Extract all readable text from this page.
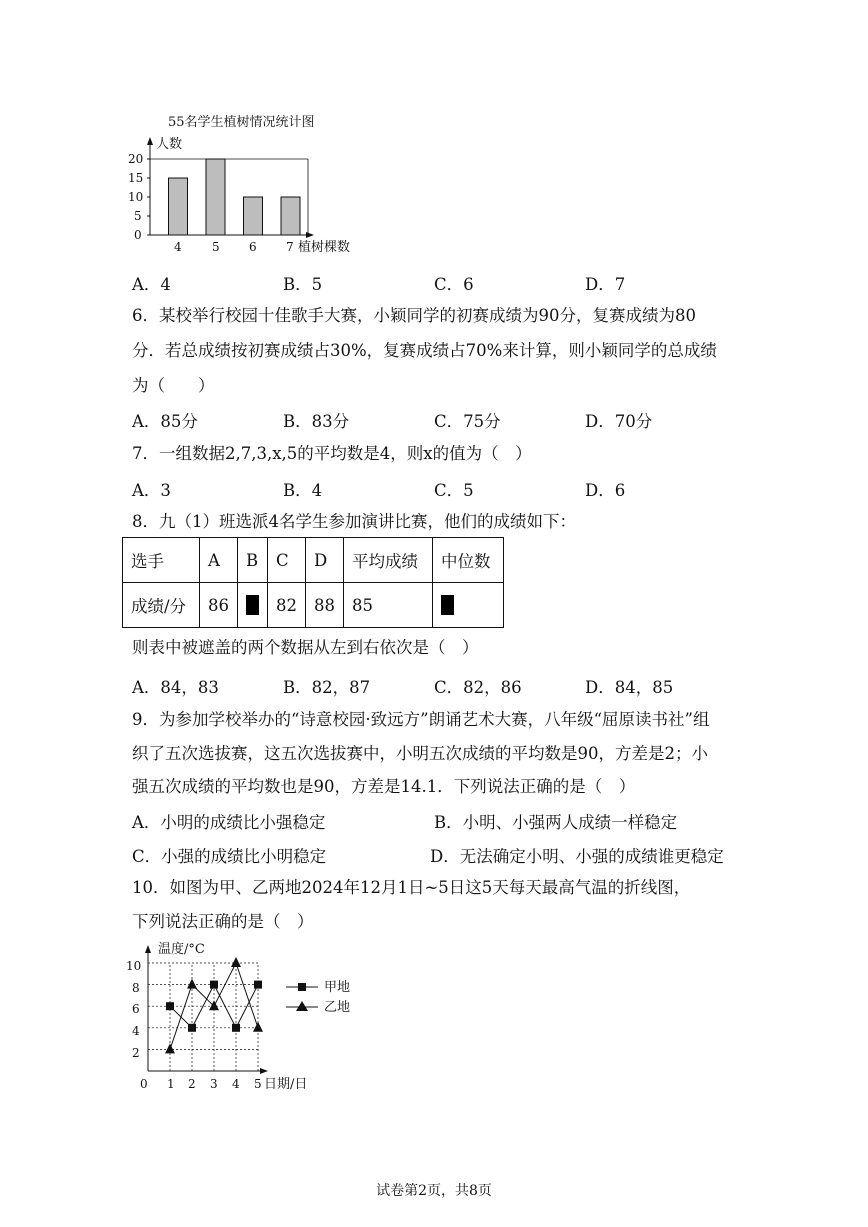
55名学生植树情况统计图
人数
0
5
10
15
20
4	5 6 7 植树棵数
A．4	B．5	C．6	D．7
6．某校举行校园十佳歌手大赛，小颖同学的初赛成绩为90分，复赛成绩为80
分．若总成绩按初赛成绩占30%，复赛成绩占70%来计算，则小颖同学的总成绩
为（　　）
A．85分	B．83分	C．75分	D．70分
7．一组数据2,7,3,x,5的平均数是4，则x的值为（　）
A．3	B．4	C．5	D．6
8．九（1）班选派4名学生参加演讲比赛，他们的成绩如下：
选手	A	B	C	D	平均成绩	中位数
成绩/分	86		82	88	85	
则表中被遮盖的两个数据从左到右依次是（　）
A．84，83	B．82，87	C．82，86	D．84，85
9．为参加学校举办的“诗意校园·致远方”朗诵艺术大赛，八年级“屈原读书社”组
织了五次选拔赛，这五次选拔赛中，小明五次成绩的平均数是90，方差是2；小
强五次成绩的平均数也是90，方差是14.1．下列说法正确的是（　）
A．小明的成绩比小强稳定	B．小明、小强两人成绩一样稳定
C．小强的成绩比小明稳定	D．无法确定小明、小强的成绩谁更稳定
10．如图为甲、乙两地2024年12月1日~5日这5天每天最高气温的折线图，
下列说法正确的是（　）
温度/°C
2
4
6
8
10
0 1 2 3 4 5 日期/日
甲地
乙地
试卷第2页，共8页
